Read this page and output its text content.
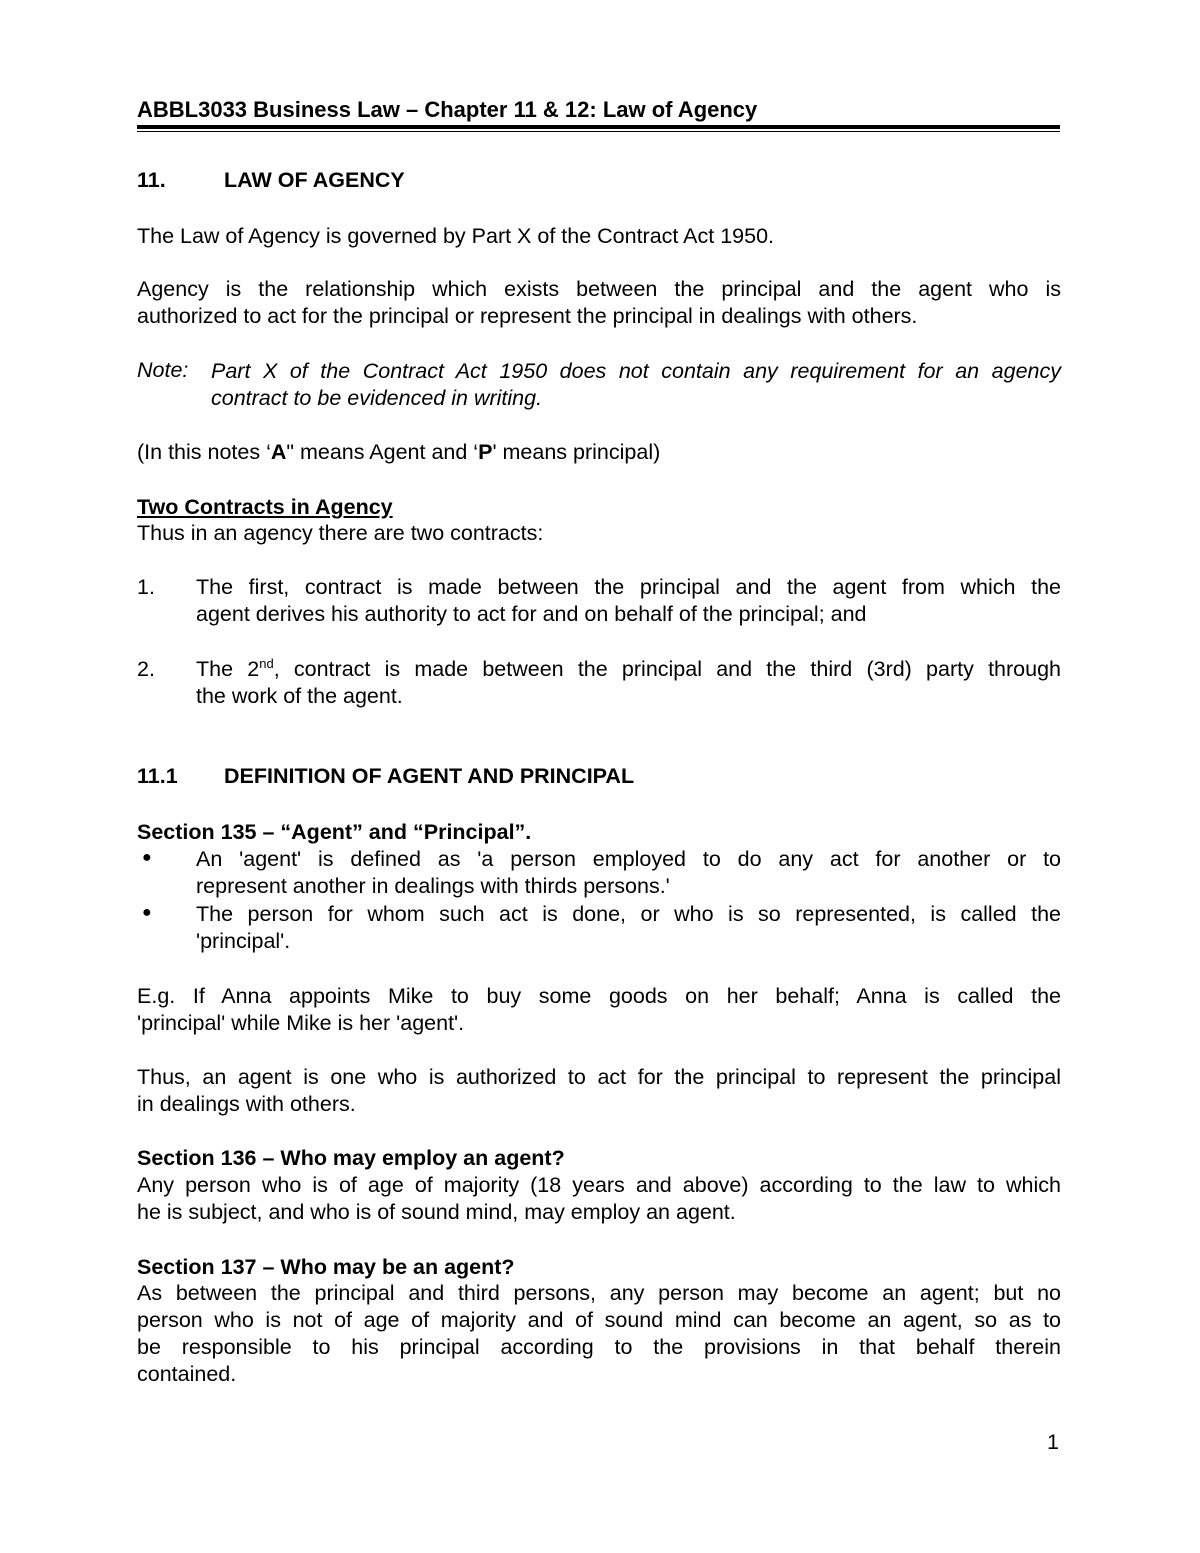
ABBL3033 Business Law – Chapter 11 & 12: Law of Agency
11.	LAW OF AGENCY
The Law of Agency is governed by Part X of the Contract Act 1950.
Agency is the relationship which exists between the principal and the agent who is
authorized to act for the principal or represent the principal in dealings with others.
Note: Part X of the Contract Act 1950 does not contain any requirement for an agency
contract to be evidenced in writing.
(In this notes ‘A" means Agent and ‘P' means principal)
Two Contracts in Agency
Thus in an agency there are two contracts:
1. The first, contract is made between the principal and the agent from which the
agent derives his authority to act for and on behalf of the principal; and
2. The 2nd, contract is made between the principal and the third (3rd) party through
the work of the agent.
11.1 DEFINITION OF AGENT AND PRINCIPAL
Section 135 – “Agent” and “Principal”.
● An 'agent' is defined as 'a person employed to do any act for another or to
represent another in dealings with thirds persons.'
● The person for whom such act is done, or who is so represented, is called the
'principal'.
E.g. If Anna appoints Mike to buy some goods on her behalf; Anna is called the
'principal' while Mike is her 'agent'.
Thus, an agent is one who is authorized to act for the principal to represent the principal
in dealings with others.
Section 136 – Who may employ an agent?
Any person who is of age of majority (18 years and above) according to the law to which
he is subject, and who is of sound mind, may employ an agent.
Section 137 – Who may be an agent?
As between the principal and third persons, any person may become an agent; but no
person who is not of age of majority and of sound mind can become an agent, so as to
be responsible to his principal according to the provisions in that behalf therein
contained.
1
